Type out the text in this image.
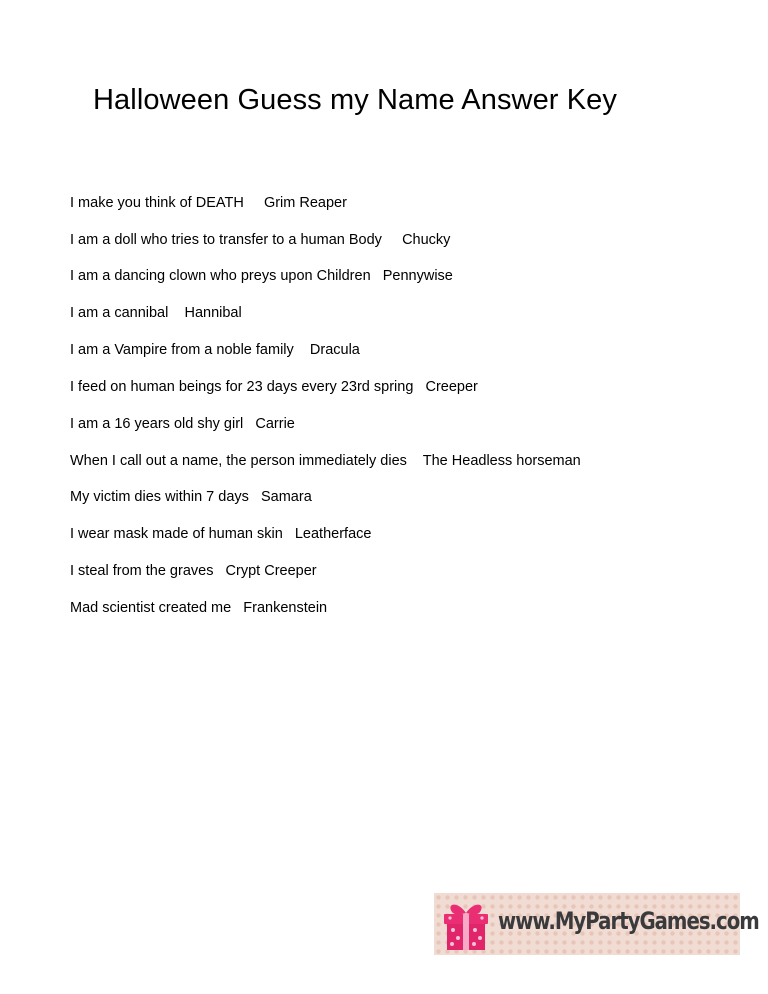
Halloween Guess my Name Answer Key
I make you think of DEATH Grim Reaper
I am a doll who tries to transfer to a human Body Chucky
I am a dancing clown who preys upon Children Pennywise
I am a cannibal Hannibal
I am a Vampire from a noble family Dracula
I feed on human beings for 23 days every 23rd spring Creeper
I am a 16 years old shy girl Carrie
When I call out a name, the person immediately dies The Headless horseman
My victim dies within 7 days Samara
I wear mask made of human skin Leatherface
I steal from the graves Crypt Creeper
Mad scientist created me Frankenstein
www.MyPartyGames.com
